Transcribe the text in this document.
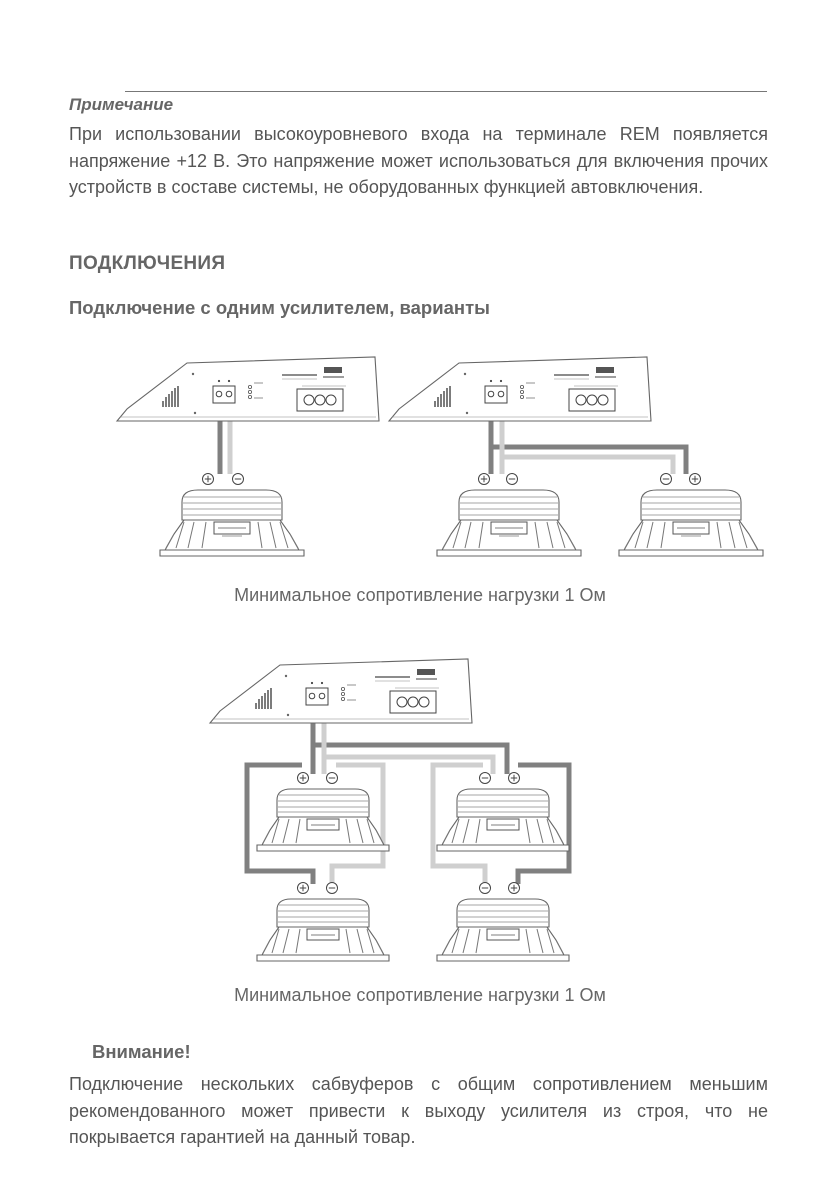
Примечание
При использовании высокоуровневого входа на терминале REM появляется напряжение +12 В. Это напряжение может использоваться для включения прочих устройств в составе системы, не оборудованных функцией автовключения.
ПОДКЛЮЧЕНИЯ
Подключение с одним усилителем, варианты
Минимальное сопротивление нагрузки 1 Ом
Минимальное сопротивление нагрузки 1 Ом
Внимание!
Подключение нескольких сабвуферов с общим сопротивлением меньшим рекомендованного может привести к выходу усилителя из строя, что не покрывается гарантией на данный товар.
